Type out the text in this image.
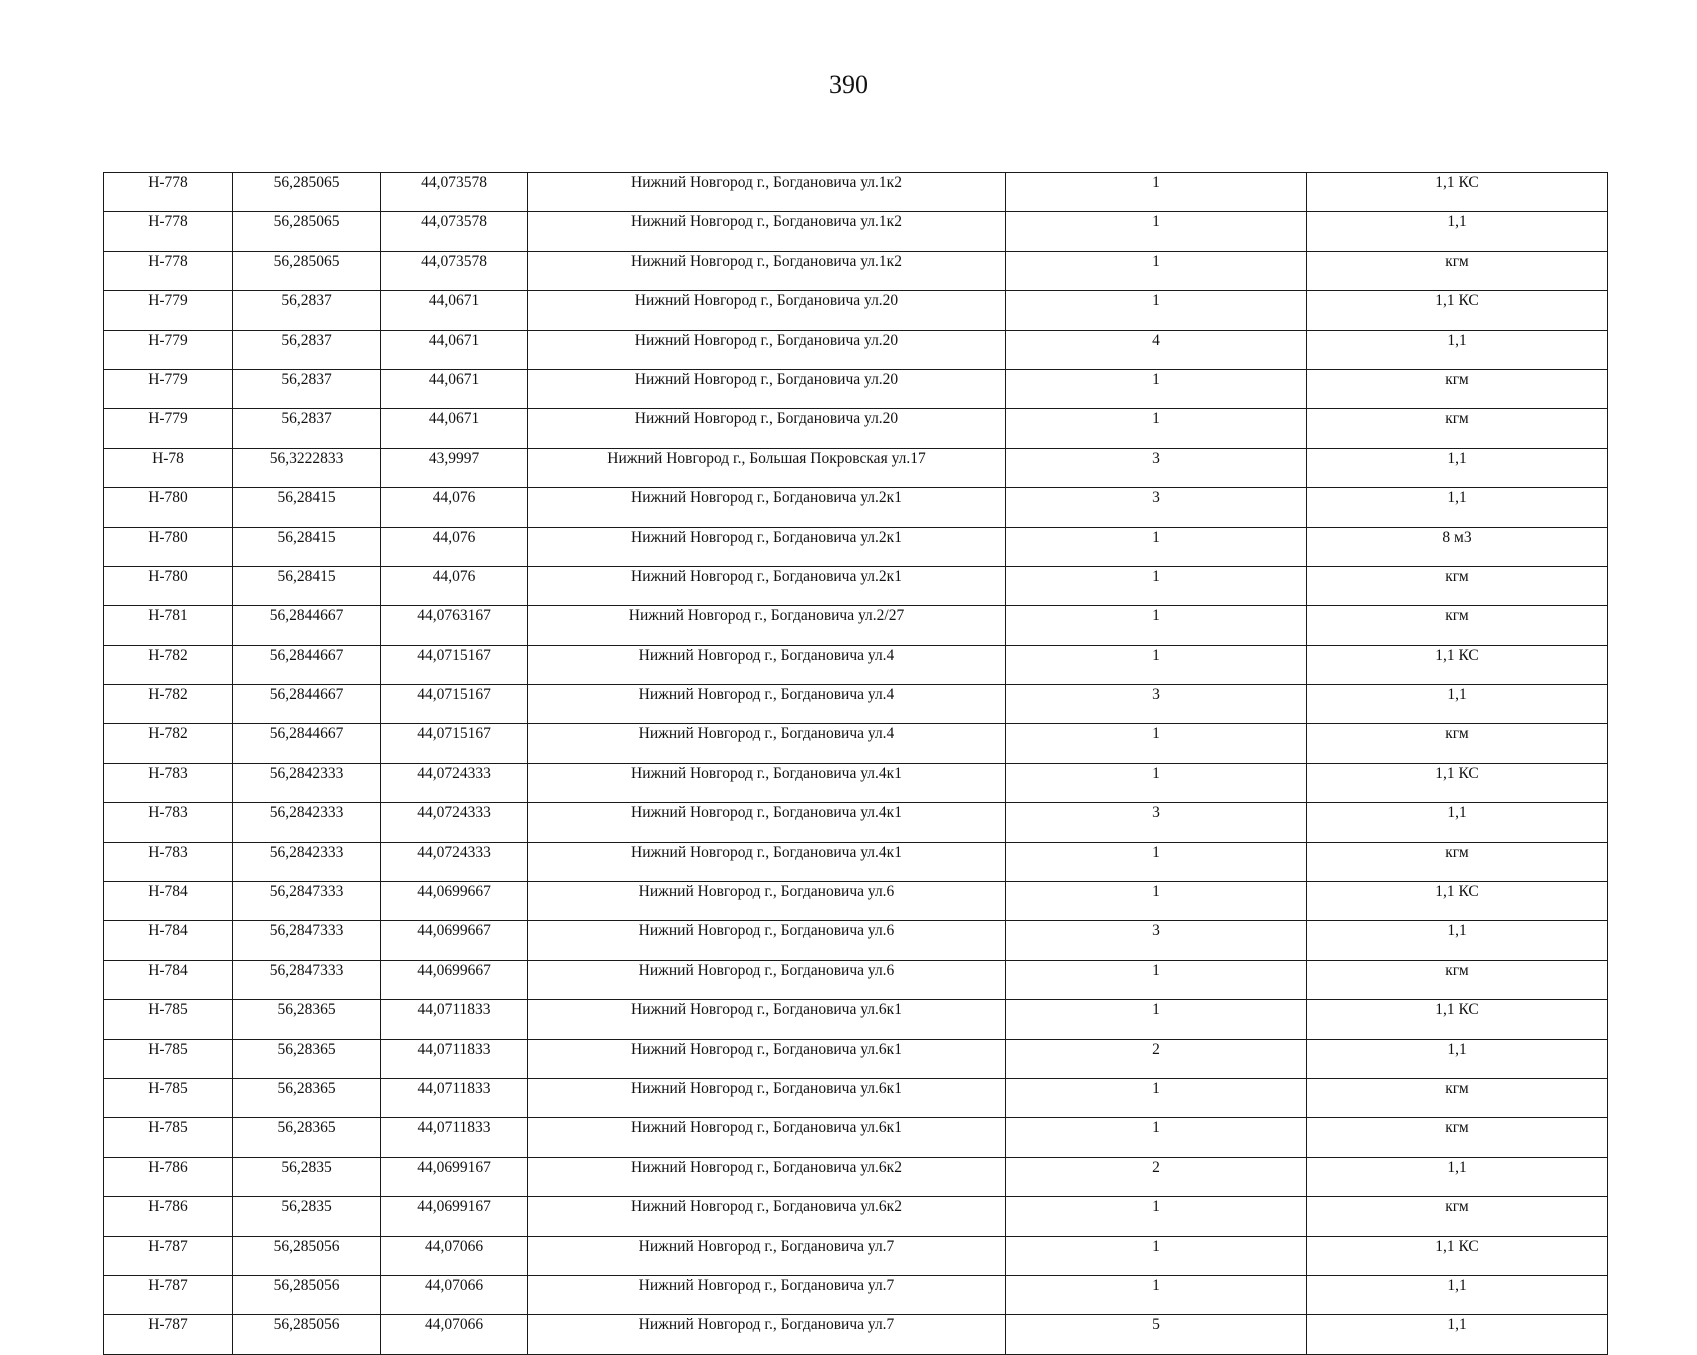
390
Н-778	56,285065	44,073578	Нижний Новгород г., Богдановича ул.1к2	1	1,1 КС
Н-778	56,285065	44,073578	Нижний Новгород г., Богдановича ул.1к2	1	1,1
Н-778	56,285065	44,073578	Нижний Новгород г., Богдановича ул.1к2	1	кгм
Н-779	56,2837	44,0671	Нижний Новгород г., Богдановича ул.20	1	1,1 КС
Н-779	56,2837	44,0671	Нижний Новгород г., Богдановича ул.20	4	1,1
Н-779	56,2837	44,0671	Нижний Новгород г., Богдановича ул.20	1	кгм
Н-779	56,2837	44,0671	Нижний Новгород г., Богдановича ул.20	1	кгм
Н-78	56,3222833	43,9997	Нижний Новгород г., Большая Покровская ул.17	3	1,1
Н-780	56,28415	44,076	Нижний Новгород г., Богдановича ул.2к1	3	1,1
Н-780	56,28415	44,076	Нижний Новгород г., Богдановича ул.2к1	1	8 м3
Н-780	56,28415	44,076	Нижний Новгород г., Богдановича ул.2к1	1	кгм
Н-781	56,2844667	44,0763167	Нижний Новгород г., Богдановича ул.2/27	1	кгм
Н-782	56,2844667	44,0715167	Нижний Новгород г., Богдановича ул.4	1	1,1 КС
Н-782	56,2844667	44,0715167	Нижний Новгород г., Богдановича ул.4	3	1,1
Н-782	56,2844667	44,0715167	Нижний Новгород г., Богдановича ул.4	1	кгм
Н-783	56,2842333	44,0724333	Нижний Новгород г., Богдановича ул.4к1	1	1,1 КС
Н-783	56,2842333	44,0724333	Нижний Новгород г., Богдановича ул.4к1	3	1,1
Н-783	56,2842333	44,0724333	Нижний Новгород г., Богдановича ул.4к1	1	кгм
Н-784	56,2847333	44,0699667	Нижний Новгород г., Богдановича ул.6	1	1,1 КС
Н-784	56,2847333	44,0699667	Нижний Новгород г., Богдановича ул.6	3	1,1
Н-784	56,2847333	44,0699667	Нижний Новгород г., Богдановича ул.6	1	кгм
Н-785	56,28365	44,0711833	Нижний Новгород г., Богдановича ул.6к1	1	1,1 КС
Н-785	56,28365	44,0711833	Нижний Новгород г., Богдановича ул.6к1	2	1,1
Н-785	56,28365	44,0711833	Нижний Новгород г., Богдановича ул.6к1	1	кгм
Н-785	56,28365	44,0711833	Нижний Новгород г., Богдановича ул.6к1	1	кгм
Н-786	56,2835	44,0699167	Нижний Новгород г., Богдановича ул.6к2	2	1,1
Н-786	56,2835	44,0699167	Нижний Новгород г., Богдановича ул.6к2	1	кгм
Н-787	56,285056	44,07066	Нижний Новгород г., Богдановича ул.7	1	1,1 КС
Н-787	56,285056	44,07066	Нижний Новгород г., Богдановича ул.7	1	1,1
Н-787	56,285056	44,07066	Нижний Новгород г., Богдановича ул.7	5	1,1
